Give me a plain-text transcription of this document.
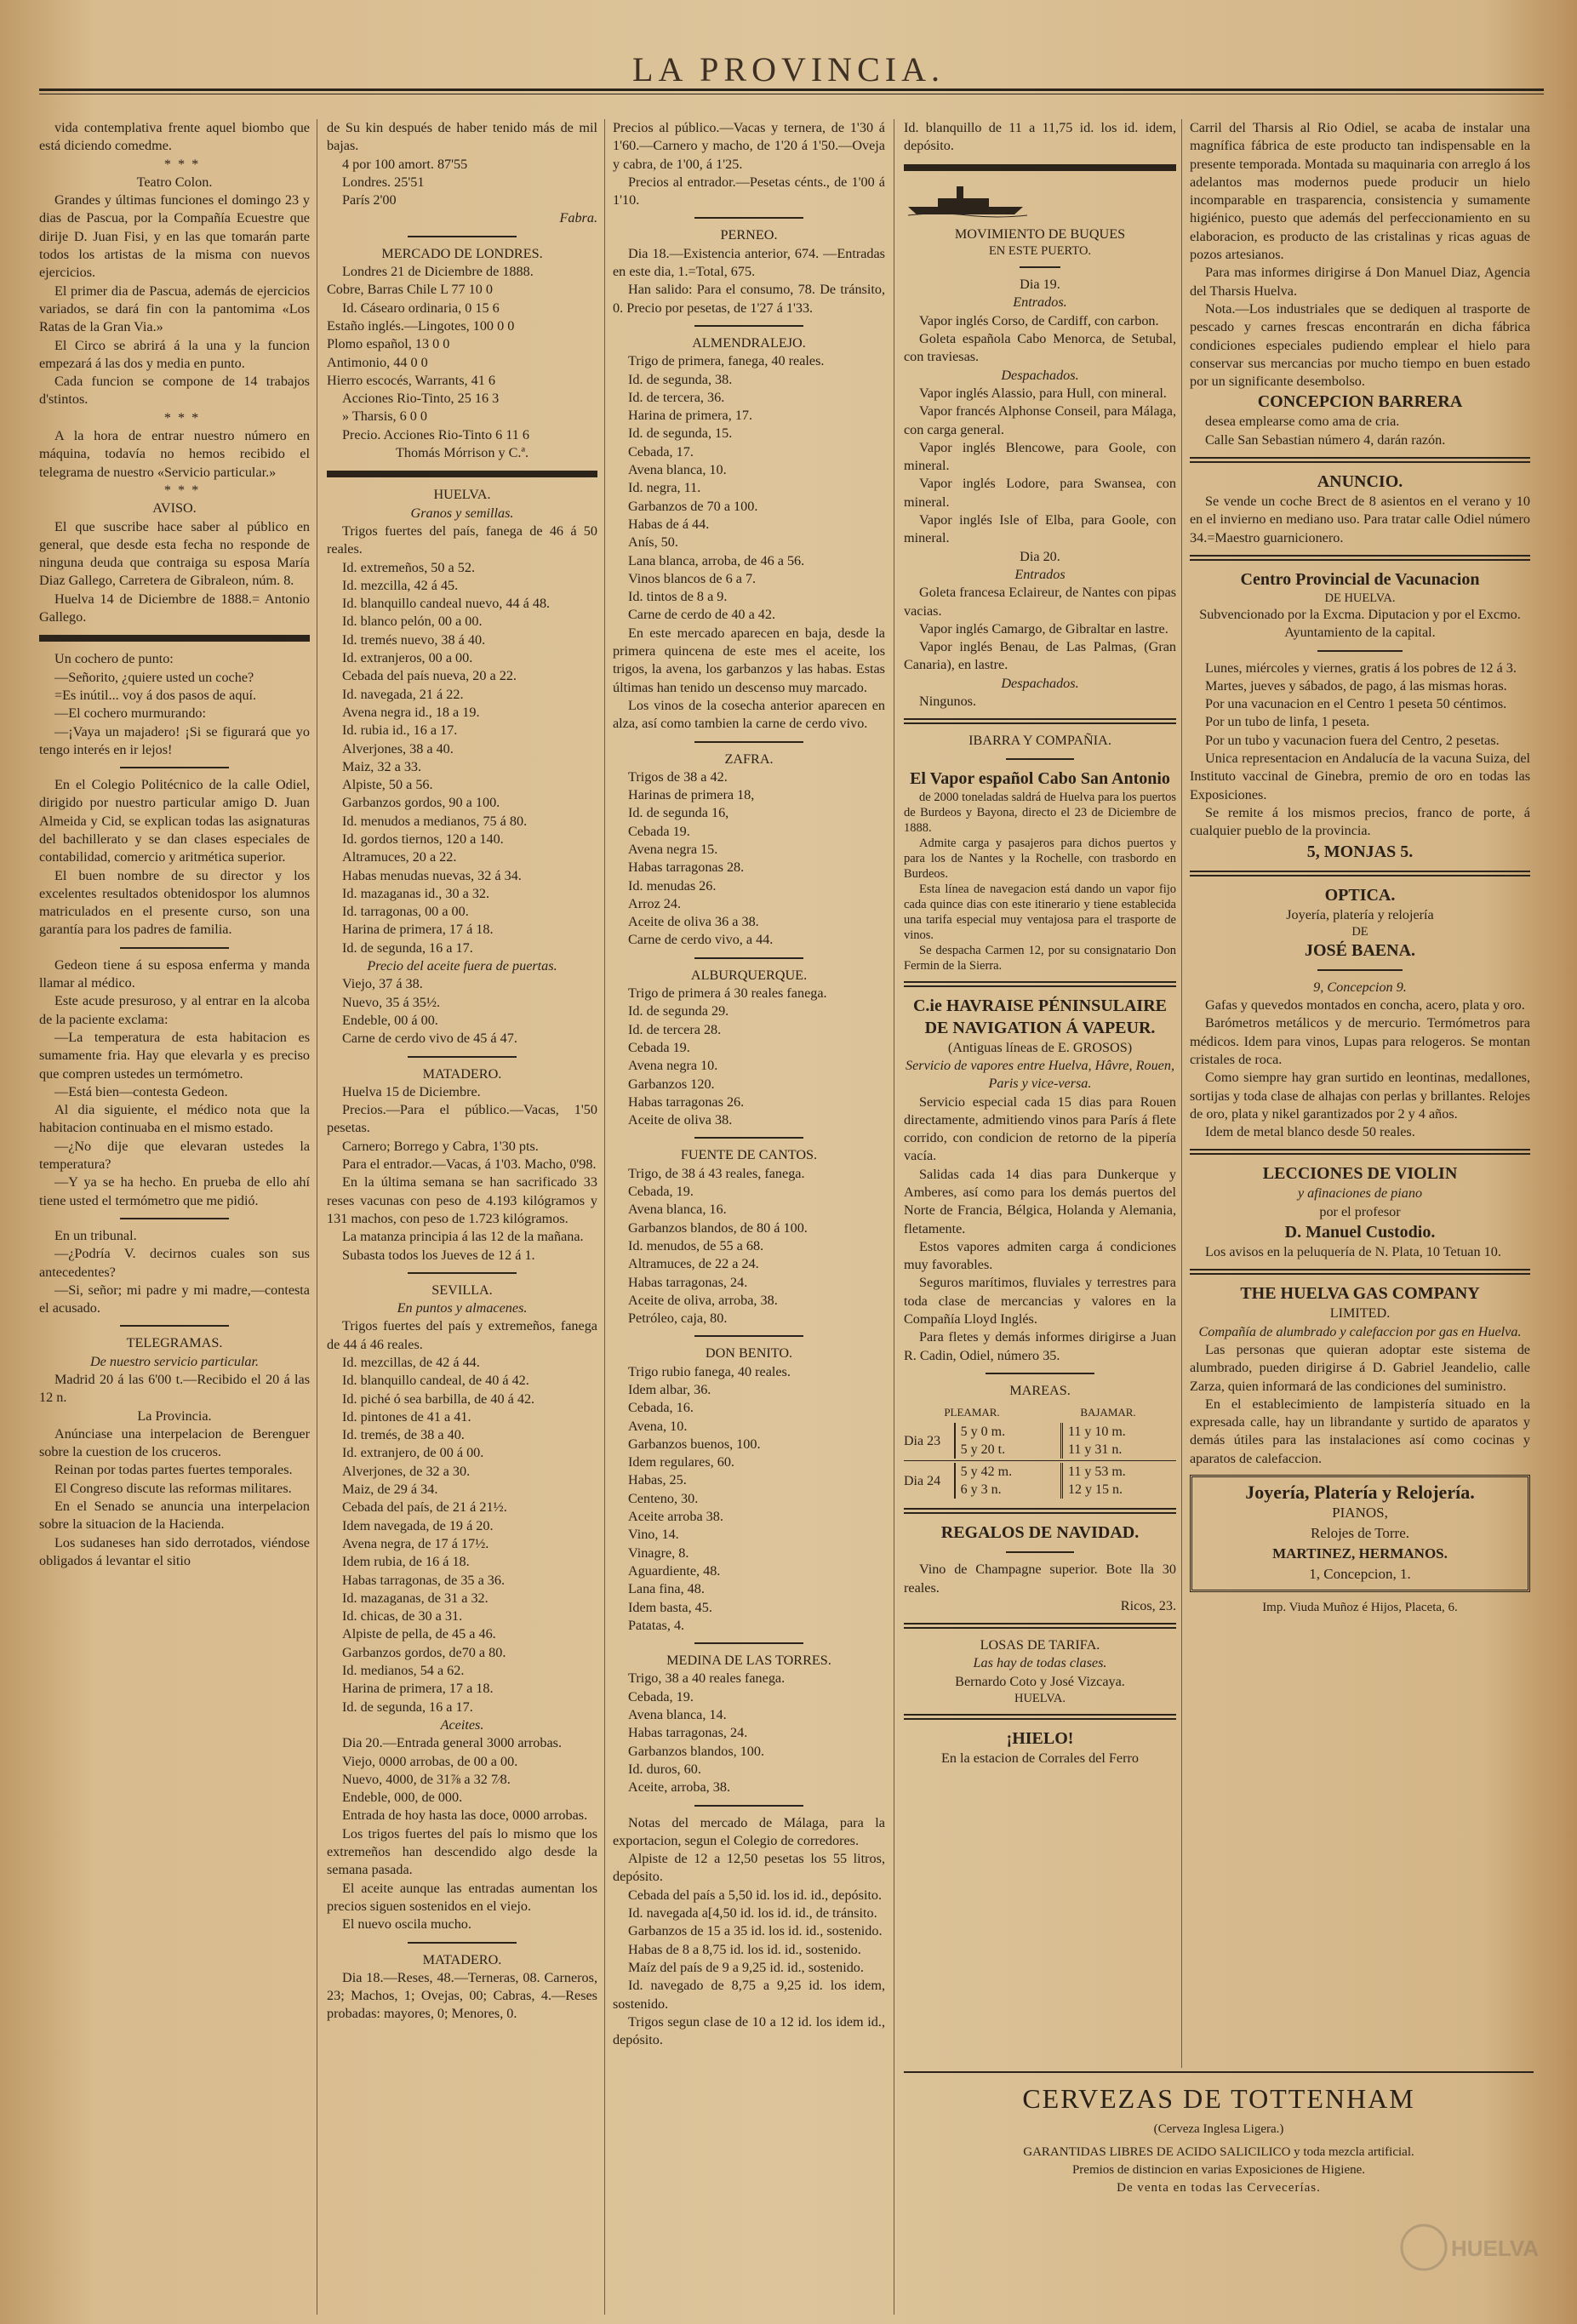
LA PROVINCIA.

vida contemplativa frente aquel biombo que está diciendo comedme.

* * *

Teatro Colon.

Grandes y últimas funciones el domingo 23 y dias de Pascua, por la Compañía Ecuestre que dirije D. Juan Fisi, y en las que tomarán parte todos los artistas de la misma con nuevos ejercicios.

El primer dia de Pascua, además de ejercicios variados, se dará fin con la pantomima «Los Ratas de la Gran Via.»

El Circo se abrirá á la una y la funcion empezará á las dos y media en punto.

Cada funcion se compone de 14 trabajos d'stintos.

* * *

A la hora de entrar nuestro número en máquina, todavía no hemos recibido el telegrama de nuestro «Servicio particular.»

* * *

AVISO.

El que suscribe hace saber al público en general, que desde esta fecha no responde de ninguna deuda que contraiga su esposa María Diaz Gallego, Carretera de Gibraleon, núm. 8.

Huelva 14 de Diciembre de 1888.= Antonio Gallego.

Un cochero de punto:

—Señorito, ¿quiere usted un coche?

=Es inútil... voy á dos pasos de aquí.

—El cochero murmurando:

—¡Vaya un majadero! ¡Si se figurará que yo tengo interés en ir lejos!

En el Colegio Politécnico de la calle Odiel, dirigido por nuestro particular amigo D. Juan Almeida y Cid, se explican todas las asignaturas del bachillerato y se dan clases especiales de contabilidad, comercio y aritmética superior.

El buen nombre de su director y los excelentes resultados obtenidospor los alumnos matriculados en el presente curso, son una garantía para los padres de familia.

Gedeon tiene á su esposa enferma y manda llamar al médico.

Este acude presuroso, y al entrar en la alcoba de la paciente exclama:

—La temperatura de esta habitacion es sumamente fria. Hay que elevarla y es preciso que compren ustedes un termómetro.

—Está bien—contesta Gedeon.

Al dia siguiente, el médico nota que la habitacion continuaba en el mismo estado.

—¿No dije que elevaran ustedes la temperatura?

—Y ya se ha hecho. En prueba de ello ahí tiene usted el termómetro que me pidió.

En un tribunal.

—¿Podría V. decirnos cuales son sus antecedentes?

—Si, señor; mi padre y mi madre,—contesta el acusado.

TELEGRAMAS.

De nuestro servicio particular.

Madrid 20 á las 6'00 t.—Recibido el 20 á las 12 n.

La Provincia.

Anúnciase una interpelacion de Berenguer sobre la cuestion de los cruceros.

Reinan por todas partes fuertes temporales.

El Congreso discute las reformas militares.

En el Senado se anuncia una interpelacion sobre la situacion de la Hacienda.

Los sudaneses han sido derrotados, viéndose obligados á levantar el sitio

de Su kin después de haber tenido más de mil bajas.

4 por 100 amort. 87'55

Londres. 25'51

París 2'00

Fabra.

MERCADO DE LONDRES.

Londres 21 de Diciembre de 1888.

Cobre, Barras Chile L 77 10 0

Id. Cásearo ordinaria, 0 15 6

Estaño inglés.—Lingotes, 100 0 0

Plomo español, 13 0 0

Antimonio, 44 0 0

Hierro escocés, Warrants, 41 6

Acciones Rio-Tinto, 25 16 3

» Tharsis, 6 0 0

Precio. Acciones Rio-Tinto 6 11 6

Thomás Mórrison y C.ª.

HUELVA.

Granos y semillas.

Trigos fuertes del país, fanega de 46 á 50 reales.

Id. extremeños, 50 a 52.

Id. mezcilla, 42 á 45.

Id. blanquillo candeal nuevo, 44 á 48.

Id. blanco pelón, 00 a 00.

Id. tremés nuevo, 38 á 40.

Id. extranjeros, 00 a 00.

Cebada del país nueva, 20 a 22.

Id. navegada, 21 á 22.

Avena negra id., 18 a 19.

Id. rubia id., 16 a 17.

Alverjones, 38 a 40.

Maiz, 32 a 33.

Alpiste, 50 a 56.

Garbanzos gordos, 90 a 100.

Id. menudos a medianos, 75 á 80.

Id. gordos tiernos, 120 a 140.

Altramuces, 20 a 22.

Habas menudas nuevas, 32 á 34.

Id. mazaganas id., 30 a 32.

Id. tarragonas, 00 a 00.

Harina de primera, 17 á 18.

Id. de segunda, 16 a 17.

Precio del aceite fuera de puertas.

Viejo, 37 á 38.

Nuevo, 35 á 35½.

Endeble, 00 á 00.

Carne de cerdo vivo de 45 á 47.

MATADERO.

Huelva 15 de Diciembre.

Precios.—Para el público.—Vacas, 1'50 pesetas.

Carnero; Borrego y Cabra, 1'30 pts.

Para el entrador.—Vacas, á 1'03. Macho, 0'98.

En la última semana se han sacrificado 33 reses vacunas con peso de 4.193 kilógramos y 131 machos, con peso de 1.723 kilógramos.

La matanza principia á las 12 de la mañana.

Subasta todos los Jueves de 12 á 1.

SEVILLA.

En puntos y almacenes.

Trigos fuertes del país y extremeños, fanega de 44 á 46 reales.

Id. mezcillas, de 42 á 44.

Id. blanquillo candeal, de 40 á 42.

Id. piché ó sea barbilla, de 40 á 42.

Id. pintones de 41 a 41.

Id. tremés, de 38 a 40.

Id. extranjero, de 00 á 00.

Alverjones, de 32 a 30.

Maiz, de 29 á 34.

Cebada del país, de 21 á 21½.

Idem navegada, de 19 á 20.

Avena negra, de 17 á 17½.

Idem rubia, de 16 á 18.

Habas tarragonas, de 35 a 36.

Id. mazaganas, de 31 a 32.

Id. chicas, de 30 a 31.

Alpiste de pella, de 45 a 46.

Garbanzos gordos, de70 a 80.

Id. medianos, 54 a 62.

Harina de primera, 17 a 18.

Id. de segunda, 16 a 17.

Aceites.

Dia 20.—Entrada general 3000 arrobas.

Viejo, 0000 arrobas, de 00 a 00.

Nuevo, 4000, de 31⅞ a 32 7⁄8.

Endeble, 000, de 000.

Entrada de hoy hasta las doce, 0000 arrobas.

Los trigos fuertes del país lo mismo que los extremeños han descendido algo desde la semana pasada.

El aceite aunque las entradas aumentan los precios siguen sostenidos en el viejo.

El nuevo oscila mucho.

MATADERO.

Dia 18.—Reses, 48.—Terneras, 08. Carneros, 23; Machos, 1; Ovejas, 00; Cabras, 4.—Reses probadas: mayores, 0; Menores, 0.

Precios al público.—Vacas y ternera, de 1'30 á 1'60.—Carnero y macho, de 1'20 á 1'50.—Oveja y cabra, de 1'00, á 1'25.

Precios al entrador.—Pesetas cénts., de 1'00 á 1'10.

PERNEO.

Dia 18.—Existencia anterior, 674. —Entradas en este dia, 1.=Total, 675.

Han salido: Para el consumo, 78. De tránsito, 0. Precio por pesetas, de 1'27 á 1'33.

ALMENDRALEJO.

Trigo de primera, fanega, 40 reales.

Id. de segunda, 38.

Id. de tercera, 36.

Harina de primera, 17.

Id. de segunda, 15.

Cebada, 17.

Avena blanca, 10.

Id. negra, 11.

Garbanzos de 70 a 100.

Habas de á 44.

Anís, 50.

Lana blanca, arroba, de 46 a 56.

Vinos blancos de 6 a 7.

Id. tintos de 8 a 9.

Carne de cerdo de 40 a 42.

En este mercado aparecen en baja, desde la primera quincena de este mes el aceite, los trigos, la avena, los garbanzos y las habas. Estas últimas han tenido un descenso muy marcado.

Los vinos de la cosecha anterior aparecen en alza, así como tambien la carne de cerdo vivo.

ZAFRA.

Trigos de 38 a 42.

Harinas de primera 18,

Id. de segunda 16,

Cebada 19.

Avena negra 15.

Habas tarragonas 28.

Id. menudas 26.

Arroz 24.

Aceite de oliva 36 a 38.

Carne de cerdo vivo, a 44.

ALBURQUERQUE.

Trigo de primera á 30 reales fanega.

Id. de segunda 29.

Id. de tercera 28.

Cebada 19.

Avena negra 10.

Garbanzos 120.

Habas tarragonas 26.

Aceite de oliva 38.

FUENTE DE CANTOS.

Trigo, de 38 á 43 reales, fanega.

Cebada, 19.

Avena blanca, 16.

Garbanzos blandos, de 80 á 100.

Id. menudos, de 55 a 68.

Altramuces, de 22 a 24.

Habas tarragonas, 24.

Aceite de oliva, arroba, 38.

Petróleo, caja, 80.

DON BENITO.

Trigo rubio fanega, 40 reales.

Idem albar, 36.

Cebada, 16.

Avena, 10.

Garbanzos buenos, 100.

Idem regulares, 60.

Habas, 25.

Centeno, 30.

Aceite arroba 38.

Vino, 14.

Vinagre, 8.

Aguardiente, 48.

Lana fina, 48.

Idem basta, 45.

Patatas, 4.

MEDINA DE LAS TORRES.

Trigo, 38 a 40 reales fanega.

Cebada, 19.

Avena blanca, 14.

Habas tarragonas, 24.

Garbanzos blandos, 100.

Id. duros, 60.

Aceite, arroba, 38.

Notas del mercado de Málaga, para la exportacion, segun el Colegio de corredores.

Alpiste de 12 a 12,50 pesetas los 55 litros, depósito.

Cebada del país a 5,50 id. los id. id., depósito.

Id. navegada a[4,50 id. los id. id., de tránsito.

Garbanzos de 15 a 35 id. los id. id., sostenido.

Habas de 8 a 8,75 id. los id. id., sostenido.

Maíz del país de 9 a 9,25 id. id., sostenido.

Id. navegado de 8,75 a 9,25 id. los idem, sostenido.

Trigos segun clase de 10 a 12 id. los idem id., depósito.

Id. blanquillo de 11 a 11,75 id. los id. idem, depósito.

MOVIMIENTO DE BUQUES

EN ESTE PUERTO.

Dia 19.

Entrados.

Vapor inglés Corso, de Cardiff, con carbon.

Goleta española Cabo Menorca, de Setubal, con traviesas.

Despachados.

Vapor inglés Alassio, para Hull, con mineral.

Vapor francés Alphonse Conseil, para Málaga, con carga general.

Vapor inglés Blencowe, para Goole, con mineral.

Vapor inglés Lodore, para Swansea, con mineral.

Vapor inglés Isle of Elba, para Goole, con mineral.

Dia 20.

Entrados

Goleta francesa Eclaireur, de Nantes con pipas vacias.

Vapor inglés Camargo, de Gibraltar en lastre.

Vapor inglés Benau, de Las Palmas, (Gran Canaria), en lastre.

Despachados.

Ningunos.

IBARRA Y COMPAÑIA.

El Vapor español Cabo San Antonio

de 2000 toneladas saldrá de Huelva para los puertos de Burdeos y Bayona, directo el 23 de Diciembre de 1888.

Admite carga y pasajeros para dichos puertos y para los de Nantes y la Rochelle, con trasbordo en Burdeos.

Esta línea de navegacion está dando un vapor fijo cada quince dias con este itinerario y tiene establecida una tarifa especial muy ventajosa para el trasporte de vinos.

Se despacha Carmen 12, por su consignatario Don Fermin de la Sierra.

C.ie HAVRAISE PÉNINSULAIRE

DE NAVIGATION Á VAPEUR.

(Antiguas líneas de E. GROSOS)

Servicio de vapores entre Huelva, Hâvre, Rouen, Paris y vice-versa.

Servicio especial cada 15 dias para Rouen directamente, admitiendo vinos para París á flete corrido, con condicion de retorno de la pipería vacía.

Salidas cada 14 dias para Dunkerque y Amberes, así como para los demás puertos del Norte de Francia, Bélgica, Holanda y Alemania, fletamente.

Estos vapores admiten carga á condiciones muy favorables.

Seguros marítimos, fluviales y terrestres para toda clase de mercancias y valores en la Compañía Lloyd Inglés.

Para fletes y demás informes dirigirse a Juan R. Cadin, Odiel, número 35.

MAREAS.

PLEAMAR.	BAJAMAR.
Dia 23
5 y 0 m.
5 y 20 t.
11 y 10 m.
11 y 31 n.
Dia 24
5 y 42 m.
6 y 3 n.
11 y 53 m.
12 y 15 n.

REGALOS DE NAVIDAD.

Vino de Champagne superior. Bote lla 30 reales.

Ricos, 23.

LOSAS DE TARIFA.

Las hay de todas clases.

Bernardo Coto y José Vizcaya.

HUELVA.

¡HIELO!

En la estacion de Corrales del Ferro

Carril del Tharsis al Rio Odiel, se acaba de instalar una magnífica fábrica de este producto tan indispensable en la presente temporada. Montada su maquinaria con arreglo á los adelantos mas modernos puede producir un hielo incomparable en trasparencia, consistencia y sumamente higiénico, puesto que además del perfeccionamiento en su elaboracion, es producto de las cristalinas y ricas aguas de pozos artesianos.

Para mas informes dirigirse á Don Manuel Diaz, Agencia del Tharsis Huelva.

Nota.—Los industriales que se dediquen al trasporte de pescado y carnes frescas encontrarán en dicha fábrica condiciones especiales pudiendo emplear el hielo para conservar sus mercancias por mucho tiempo en buen estado por un significante desembolso.

CONCEPCION BARRERA

desea emplearse como ama de cria.

Calle San Sebastian número 4, darán razón.

ANUNCIO.

Se vende un coche Brect de 8 asientos en el verano y 10 en el invierno en mediano uso. Para tratar calle Odiel número 34.=Maestro guarnicionero.

Centro Provincial de Vacunacion

DE HUELVA.

Subvencionado por la Excma. Diputacion y por el Excmo. Ayuntamiento de la capital.

Lunes, miércoles y viernes, gratis á los pobres de 12 á 3.

Martes, jueves y sábados, de pago, á las mismas horas.

Por una vacunacion en el Centro 1 peseta 50 céntimos.

Por un tubo de linfa, 1 peseta.

Por un tubo y vacunacion fuera del Centro, 2 pesetas.

Unica representacion en Andalucía de la vacuna Suiza, del Instituto vaccinal de Ginebra, premio de oro en todas las Exposiciones.

Se remite á los mismos precios, franco de porte, á cualquier pueblo de la provincia.

5, MONJAS 5.

OPTICA.

Joyería, platería y relojería

DE

JOSÉ BAENA.

9, Concepcion 9.

Gafas y quevedos montados en concha, acero, plata y oro.

Barómetros metálicos y de mercurio. Termómetros para médicos. Idem para vinos, Lupas para relogeros. Se montan cristales de roca.

Como siempre hay gran surtido en leontinas, medallones, sortijas y toda clase de alhajas con perlas y brillantes. Relojes de oro, plata y nikel garantizados por 2 y 4 años.

Idem de metal blanco desde 50 reales.

LECCIONES DE VIOLIN

y afinaciones de piano

por el profesor

D. Manuel Custodio.

Los avisos en la peluquería de N. Plata, 10 Tetuan 10.

THE HUELVA GAS COMPANY

LIMITED.

Compañía de alumbrado y calefaccion por gas en Huelva.

Las personas que quieran adoptar este sistema de alumbrado, pueden dirigirse á D. Gabriel Jeandelio, calle Zarza, quien informará de las condiciones del suministro.

En el establecimiento de lampistería situado en la expresada calle, hay un librandante y surtido de aparatos y demás útiles para las instalaciones así como cocinas y aparatos de calefaccion.

Joyería, Platería y Relojería.
PIANOS,
Relojes de Torre.
MARTINEZ, HERMANOS.
1, Concepcion, 1.
Imp. Viuda Muñoz é Hijos, Placeta, 6.
CERVEZAS DE TOTTENHAM
(Cerveza Inglesa Ligera.)
GARANTIDAS LIBRES DE ACIDO SALICILICO y toda mezcla artificial.
Premios de distincion en varias Exposiciones de Higiene.
De venta en todas las Cervecerías.
HUELVA
